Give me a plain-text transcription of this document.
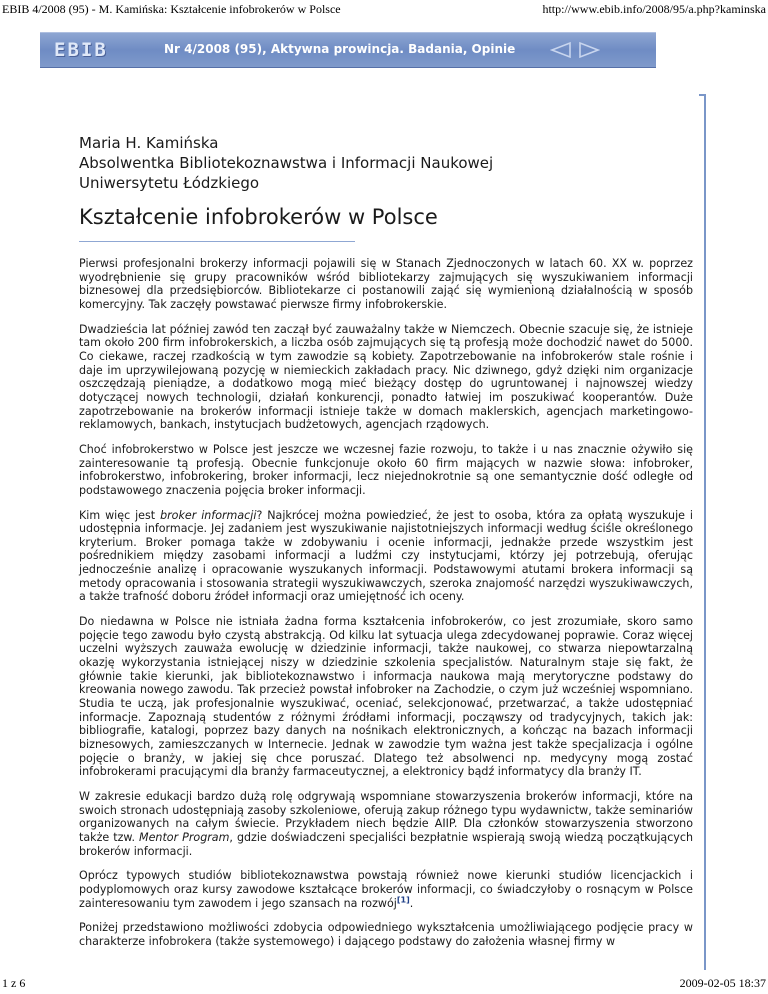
EBIB 4/2008 (95) - M. Kamińska: Kształcenie infobrokerów w Polsce	http://www.ebib.info/2008/95/a.php?kaminska
EBIB	Nr 4/2008 (95), Aktywna prowincja. Badania, Opinie
Maria H. Kamińska
Absolwentka Bibliotekoznawstwa i Informacji Naukowej
Uniwersytetu Łódzkiego
Kształcenie infobrokerów w Polsce

Pierwsi profesjonalni brokerzy informacji pojawili się w Stanach Zjednoczonych w latach 60. XX w. poprzez wyodrębnienie się grupy pracowników wśród bibliotekarzy zajmujących się wyszukiwaniem informacji biznesowej dla przedsiębiorców. Bibliotekarze ci postanowili zająć się wymienioną działalnością w sposób komercyjny. Tak zaczęły powstawać pierwsze firmy infobrokerskie.

Dwadzieścia lat później zawód ten zaczął być zauważalny także w Niemczech. Obecnie szacuje się, że istnieje tam około 200 firm infobrokerskich, a liczba osób zajmujących się tą profesją może dochodzić nawet do 5000. Co ciekawe, raczej rzadkością w tym zawodzie są kobiety. Zapotrzebowanie na infobrokerów stale rośnie i daje im uprzywilejowaną pozycję w niemieckich zakładach pracy. Nic dziwnego, gdyż dzięki nim organizacje oszczędzają pieniądze, a dodatkowo mogą mieć bieżący dostęp do ugruntowanej i najnowszej wiedzy dotyczącej nowych technologii, działań konkurencji, ponadto łatwiej im poszukiwać kooperantów. Duże zapotrzebowanie na brokerów informacji istnieje także w domach maklerskich, agencjach marketingowo-reklamowych, bankach, instytucjach budżetowych, agencjach rządowych.

Choć infobrokerstwo w Polsce jest jeszcze we wczesnej fazie rozwoju, to także i u nas znacznie ożywiło się zainteresowanie tą profesją. Obecnie funkcjonuje około 60 firm mających w nazwie słowa: infobroker, infobrokerstwo, infobrokering, broker informacji, lecz niejednokrotnie są one semantycznie dość odległe od podstawowego znaczenia pojęcia broker informacji.

Kim więc jest broker informacji? Najkrócej można powiedzieć, że jest to osoba, która za opłatą wyszukuje i udostępnia informacje. Jej zadaniem jest wyszukiwanie najistotniejszych informacji według ściśle określonego kryterium. Broker pomaga także w zdobywaniu i ocenie informacji, jednakże przede wszystkim jest pośrednikiem między zasobami informacji a ludźmi czy instytucjami, którzy jej potrzebują, oferując jednocześnie analizę i opracowanie wyszukanych informacji. Podstawowymi atutami brokera informacji są metody opracowania i stosowania strategii wyszukiwawczych, szeroka znajomość narzędzi wyszukiwawczych, a także trafność doboru źródeł informacji oraz umiejętność ich oceny.

Do niedawna w Polsce nie istniała żadna forma kształcenia infobrokerów, co jest zrozumiałe, skoro samo pojęcie tego zawodu było czystą abstrakcją. Od kilku lat sytuacja ulega zdecydowanej poprawie. Coraz więcej uczelni wyższych zauważa ewolucję w dziedzinie informacji, także naukowej, co stwarza niepowtarzalną okazję wykorzystania istniejącej niszy w dziedzinie szkolenia specjalistów. Naturalnym staje się fakt, że głównie takie kierunki, jak bibliotekoznawstwo i informacja naukowa mają merytoryczne podstawy do kreowania nowego zawodu. Tak przecież powstał infobroker na Zachodzie, o czym już wcześniej wspomniano. Studia te uczą, jak profesjonalnie wyszukiwać, oceniać, selekcjonować, przetwarzać, a także udostępniać informacje. Zapoznają studentów z różnymi źródłami informacji, począwszy od tradycyjnych, takich jak: bibliografie, katalogi, poprzez bazy danych na nośnikach elektronicznych, a kończąc na bazach informacji biznesowych, zamieszczanych w Internecie. Jednak w zawodzie tym ważna jest także specjalizacja i ogólne pojęcie o branży, w jakiej się chce poruszać. Dlatego też absolwenci np. medycyny mogą zostać infobrokerami pracującymi dla branży farmaceutycznej, a elektronicy bądź informatycy dla branży IT.

W zakresie edukacji bardzo dużą rolę odgrywają wspomniane stowarzyszenia brokerów informacji, które na swoich stronach udostępniają zasoby szkoleniowe, oferują zakup różnego typu wydawnictw, także seminariów organizowanych na całym świecie. Przykładem niech będzie AIIP. Dla członków stowarzyszenia stworzono także tzw. Mentor Program, gdzie doświadczeni specjaliści bezpłatnie wspierają swoją wiedzą początkujących brokerów informacji.

Oprócz typowych studiów bibliotekoznawstwa powstają również nowe kierunki studiów licencjackich i podyplomowych oraz kursy zawodowe kształcące brokerów informacji, co świadczyłoby o rosnącym w Polsce zainteresowaniu tym zawodem i jego szansach na rozwój[1].

Poniżej przedstawiono możliwości zdobycia odpowiedniego wykształcenia umożliwiającego podjęcie pracy w charakterze infobrokera (także systemowego) i dającego podstawy do założenia własnej firmy w

1 z 6	2009-02-05 18:37
